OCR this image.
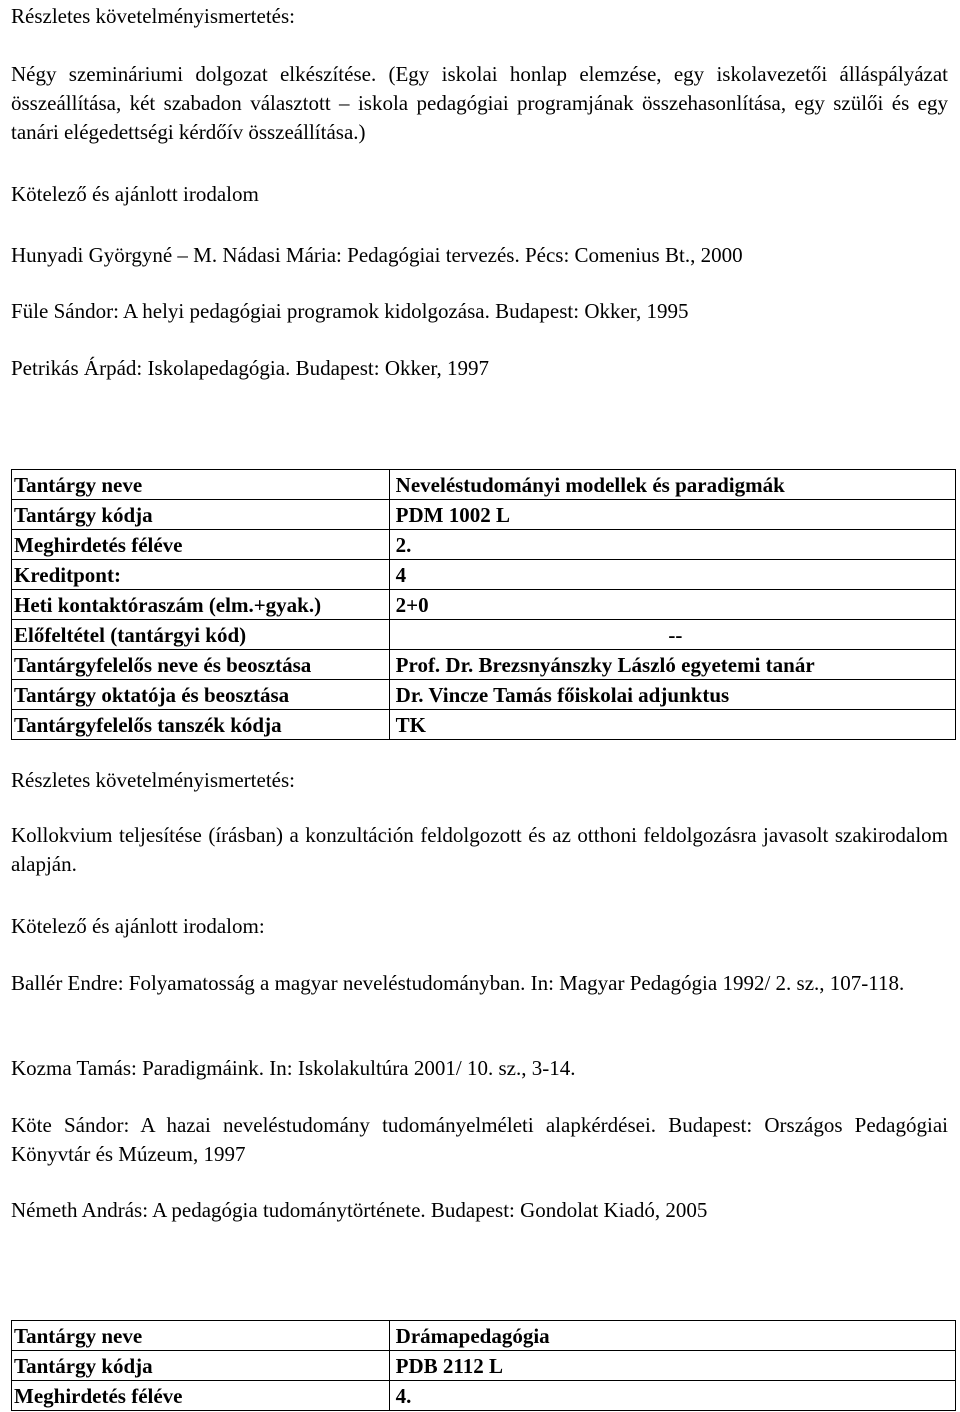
Részletes követelményismertetés:

Négy szemináriumi dolgozat elkészítése. (Egy iskolai honlap elemzése, egy iskolavezetői álláspályázat összeállítása, két szabadon választott – iskola pedagógiai programjának összehasonlítása, egy szülői és egy tanári elégedettségi kérdőív összeállítása.)

Kötelező és ajánlott irodalom

Hunyadi Györgyné – M. Nádasi Mária: Pedagógiai tervezés. Pécs: Comenius Bt., 2000

Füle Sándor: A helyi pedagógiai programok kidolgozása. Budapest: Okker, 1995

Petrikás Árpád: Iskolapedagógia. Budapest: Okker, 1997

Tantárgy neve	Neveléstudományi modellek és paradigmák
Tantárgy kódja	PDM 1002 L
Meghirdetés féléve	2.
Kreditpont:	4
Heti kontaktóraszám (elm.+gyak.)	2+0
Előfeltétel (tantárgyi kód)	--
Tantárgyfelelős neve és beosztása	Prof. Dr. Brezsnyánszky László egyetemi tanár
Tantárgy oktatója és beosztása	Dr. Vincze Tamás főiskolai adjunktus
Tantárgyfelelős tanszék kódja	TK

Részletes követelményismertetés:

Kollokvium teljesítése (írásban) a konzultáción feldolgozott és az otthoni feldolgozásra javasolt szakirodalom alapján.

Kötelező és ajánlott irodalom:

Ballér Endre: Folyamatosság a magyar neveléstudományban. In: Magyar Pedagógia 1992/ 2. sz., 107-118.

Kozma Tamás: Paradigmáink. In: Iskolakultúra 2001/ 10. sz., 3-14.

Köte Sándor: A hazai neveléstudomány tudományelméleti alapkérdései. Budapest: Országos Pedagógiai Könyvtár és Múzeum, 1997

Németh András: A pedagógia tudománytörténete. Budapest: Gondolat Kiadó, 2005

Tantárgy neve	Drámapedagógia
Tantárgy kódja	PDB 2112 L
Meghirdetés féléve	4.
